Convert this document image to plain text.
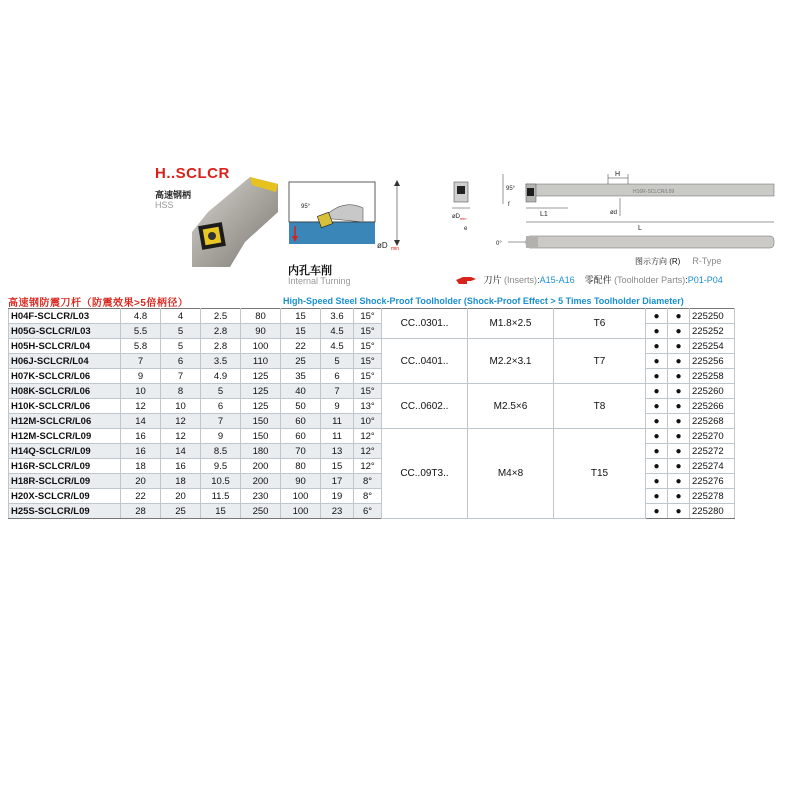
H..SCLCR
高速钢柄
HSS	95°
øD min
内孔车削
Internal Turning
øD min
e
95°	H16R-SCLCR/L09
H
ød
f
L1
L
0°
图示方向 (R) R-Type
刀片 (Inserts):A15-A16 零配件 (Toolholder Parts):P01-P04
高速钢防震刀杆（防震效果>5倍柄径）	High-Speed Steel Shock-Proof Toolholder (Shock-Proof Effect > 5 Times Toolholder Diameter)
H04F-SCLCR/L03	4.8	4	2.5	80	15	3.6	15°	CC..0301..	M1.8×2.5	T6	●	●	225250
H05G-SCLCR/L03	5.5	5	2.8	90	15	4.5	15°				●	●	225252
H05H-SCLCR/L04	5.8	5	2.8	100	22	4.5	15°	CC..0401..	M2.2×3.1	T7	●	●	225254
H06J-SCLCR/L04	7	6	3.5	110	25	5	15°				●	●	225256
H07K-SCLCR/L06	9	7	4.9	125	35	6	15°				●	●	225258
H08K-SCLCR/L06	10	8	5	125	40	7	15°	CC..0602..	M2.5×6	T8	●	●	225260
H10K-SCLCR/L06	12	10	6	125	50	9	13°				●	●	225266
H12M-SCLCR/L06	14	12	7	150	60	11	10°				●	●	225268
H12M-SCLCR/L09	16	12	9	150	60	11	12°	CC..09T3..	M4×8	T15	●	●	225270
H14Q-SCLCR/L09	16	14	8.5	180	70	13	12°				●	●	225272
H16R-SCLCR/L09	18	16	9.5	200	80	15	12°				●	●	225274
H18R-SCLCR/L09	20	18	10.5	200	90	17	8°				●	●	225276
H20X-SCLCR/L09	22	20	11.5	230	100	19	8°				●	●	225278
H25S-SCLCR/L09	28	25	15	250	100	23	6°				●	●	225280
